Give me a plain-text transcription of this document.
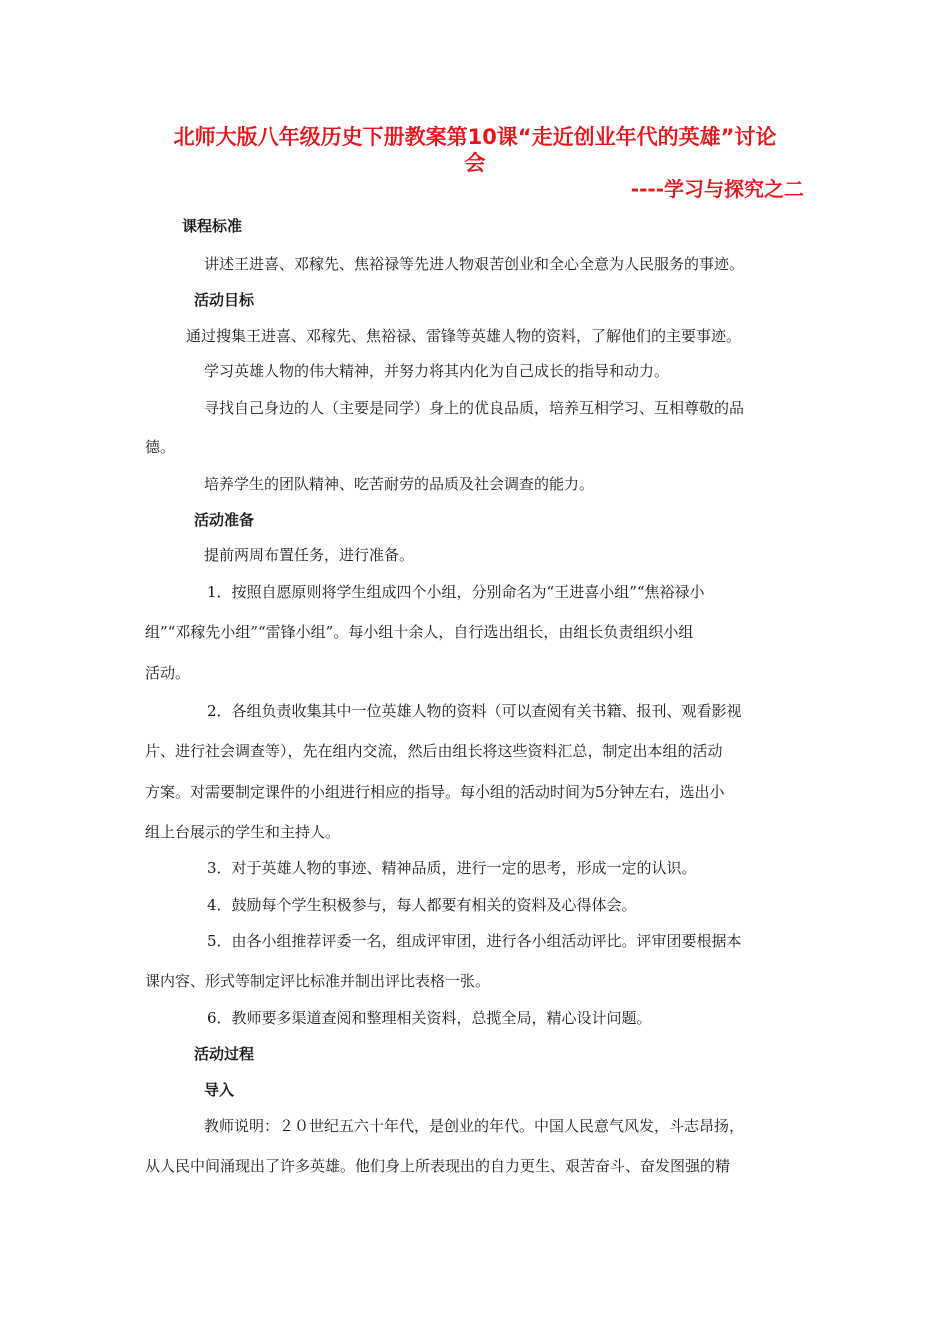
北师大版八年级历史下册教案第10课“走近创业年代的英雄”讨论
会
----学习与探究之二
课程标准

讲述王进喜、邓稼先、焦裕禄等先进人物艰苦创业和全心全意为人民服务的事迹。

活动目标

通过搜集王进喜、邓稼先、焦裕禄、雷锋等英雄人物的资料，了解他们的主要事迹。

学习英雄人物的伟大精神，并努力将其内化为自己成长的指导和动力。

寻找自己身边的人（主要是同学）身上的优良品质，培养互相学习、互相尊敬的品

德。

培养学生的团队精神、吃苦耐劳的品质及社会调查的能力。

活动准备

提前两周布置任务，进行准备。

1．按照自愿原则将学生组成四个小组，分别命名为“王进喜小组”“焦裕禄小

组”“邓稼先小组”“雷锋小组”。每小组十余人，自行选出组长，由组长负责组织小组

活动。

2．各组负责收集其中一位英雄人物的资料（可以查阅有关书籍、报刊、观看影视

片、进行社会调查等），先在组内交流，然后由组长将这些资料汇总，制定出本组的活动

方案。对需要制定课件的小组进行相应的指导。每小组的活动时间为5分钟左右，选出小

组上台展示的学生和主持人。

3．对于英雄人物的事迹、精神品质，进行一定的思考，形成一定的认识。

4．鼓励每个学生积极参与，每人都要有相关的资料及心得体会。

5．由各小组推荐评委一名，组成评审团，进行各小组活动评比。评审团要根据本

课内容、形式等制定评比标准并制出评比表格一张。

6．教师要多渠道查阅和整理相关资料，总揽全局，精心设计问题。

活动过程
导入

教师说明：２０世纪五六十年代，是创业的年代。中国人民意气风发，斗志昂扬，

从人民中间涌现出了许多英雄。他们身上所表现出的自力更生、艰苦奋斗、奋发图强的精
